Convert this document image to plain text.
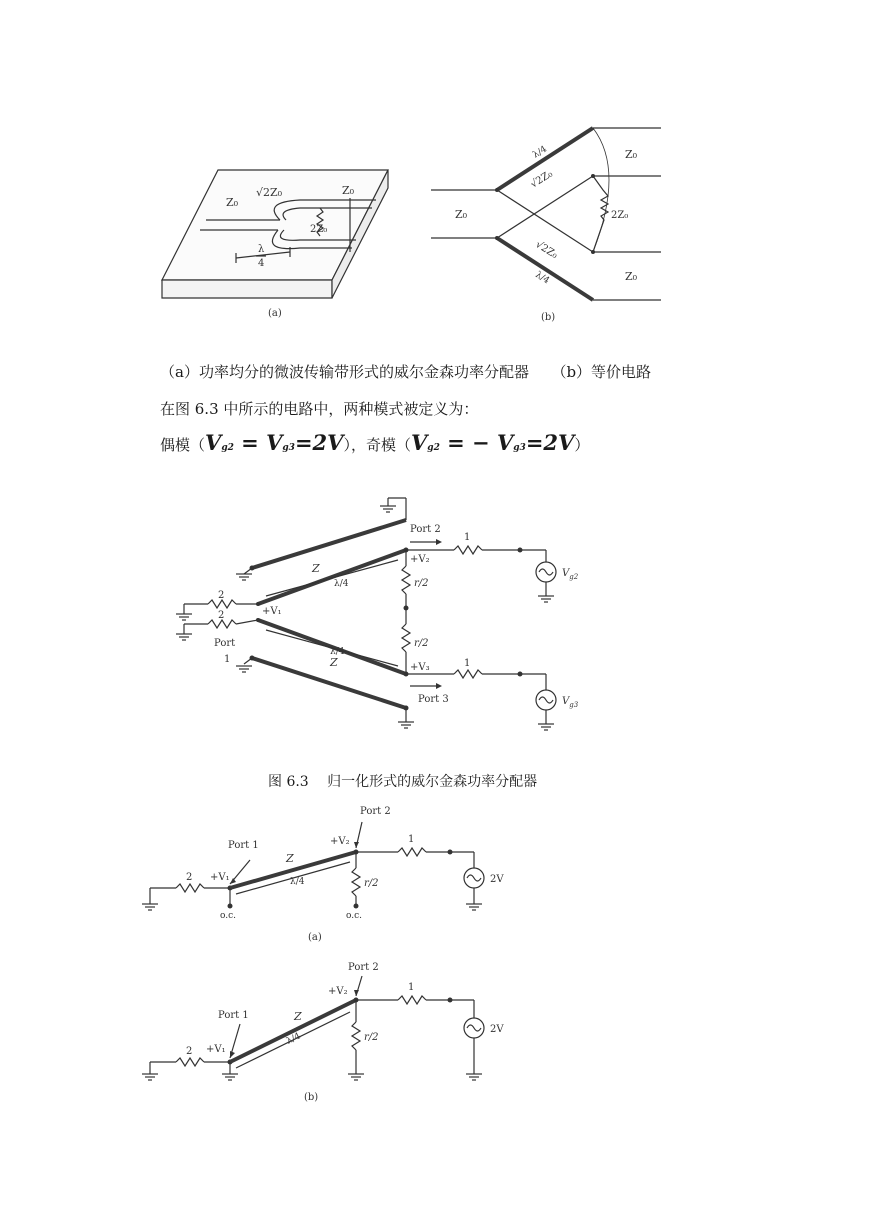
Z₀
√2Z₀	Z₀
2Z₀
λ
4
(a)
Z₀
Z₀
Z₀
√2Z₀
√2Z₀
2Z₀
λ/4
λ/4
(b)
（a）功率均分的微波传输带形式的威尔金森功率分配器　　（b）等价电路
在图 6.3 中所示的电路中，两种模式被定义为：
偶模（Vg2 = Vg3=2V），奇模（Vg2 = − Vg3=2V）
Port 2
Port 3
Port
1
2
2
1
1
Z
Z
λ/4
λ/4
r/2
r/2
+V₁
+V₂
+V₃
$V_{g2}$
$V_{g3}$
图 6.3　 归一化形式的威尔金森功率分配器
Port 1
Port 2
2
1
Z
λ/4
+V₁
+V₂
r/2
o.c.	o.c.
2V
(a)
Port 1
Port 2
2
1
Z
λ/4
+V₁
+V₂
r/2
2V
(b)
